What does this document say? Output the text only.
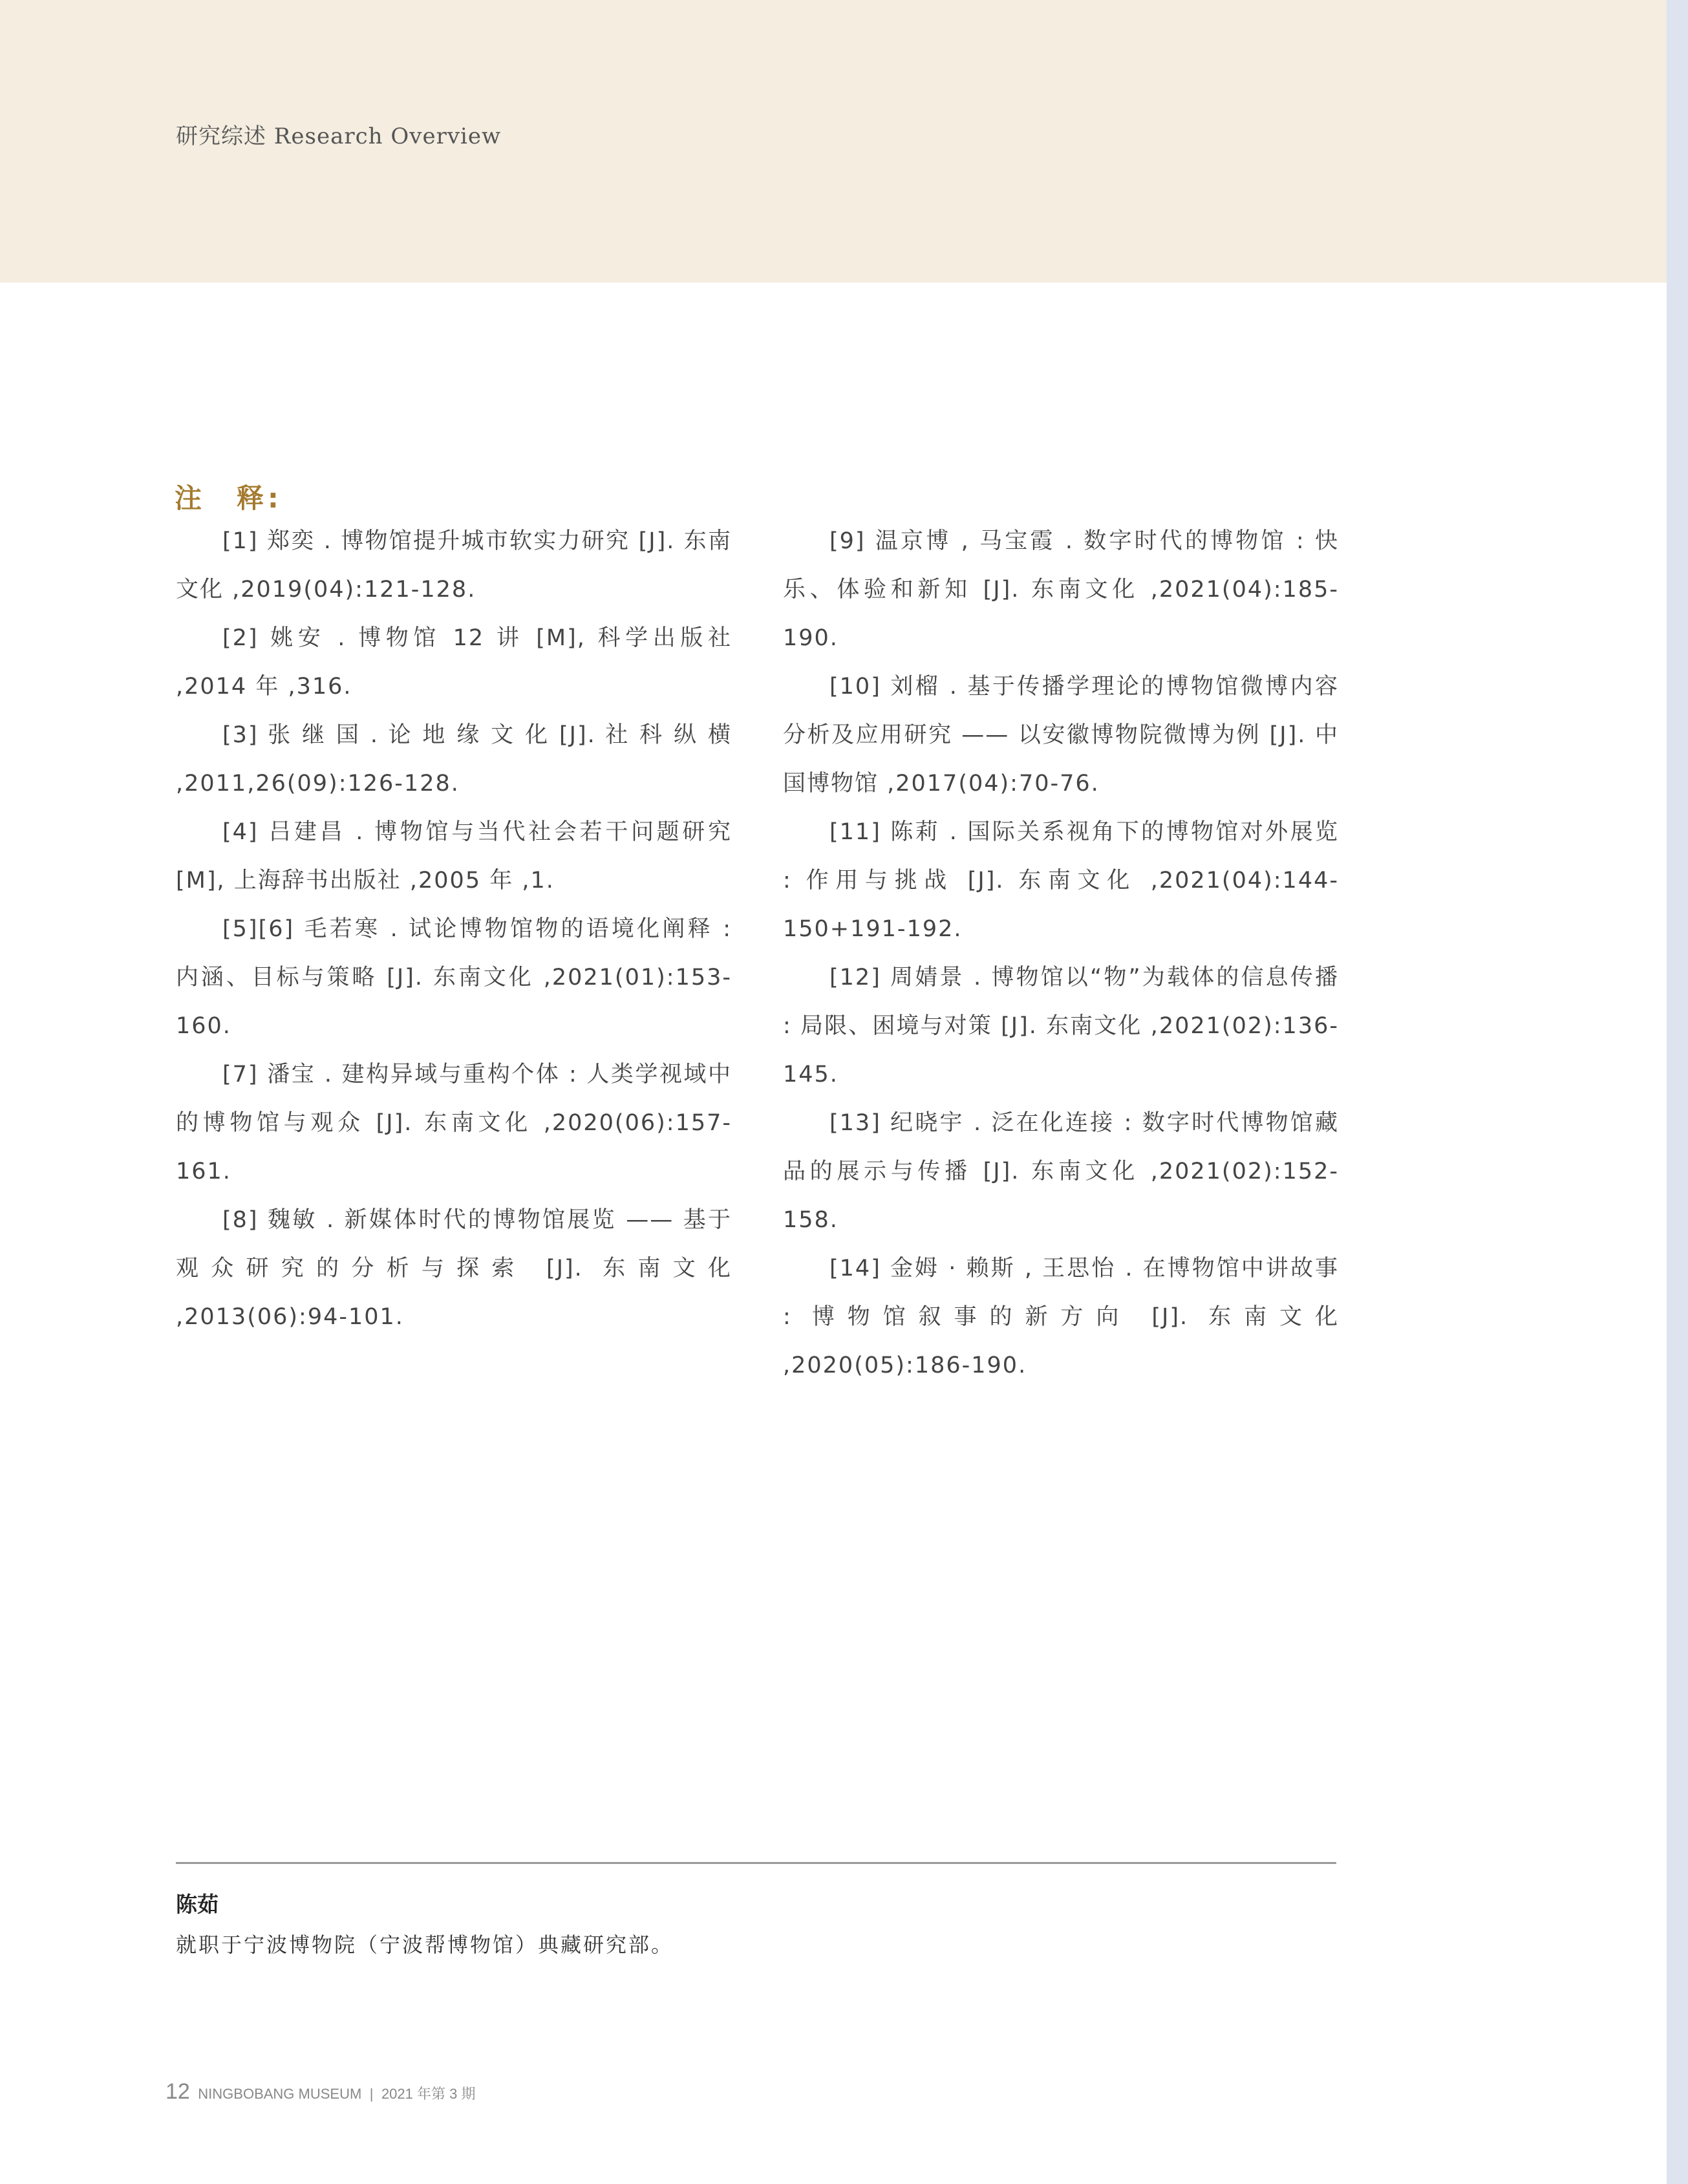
研究综述 Research Overview
注　释:

[1] 郑奕 . 博物馆提升城市软实力研究 [J]. 东南文化 ,2019(04):121-128.

[2] 姚安 . 博物馆 12 讲 [M], 科学出版社 ,2014 年 ,316.

[3] 张 继 国 . 论 地 缘 文 化 [J]. 社 科 纵 横 ,2011,26(09):126-128.

[4] 吕建昌 . 博物馆与当代社会若干问题研究 [M], 上海辞书出版社 ,2005 年 ,1.

[5][6] 毛若寒 . 试论博物馆物的语境化阐释 : 内涵、目标与策略 [J]. 东南文化 ,2021(01):153-160.

[7] 潘宝 . 建构异域与重构个体 : 人类学视域中的博物馆与观众 [J]. 东南文化 ,2020(06):157-161.

[8] 魏敏 . 新媒体时代的博物馆展览 —— 基于观众研究的分析与探索 [J]. 东南文化 ,2013(06):94-101.

[9] 温京博 , 马宝霞 . 数字时代的博物馆 : 快乐、体验和新知 [J]. 东南文化 ,2021(04):185-190.

[10] 刘榴 . 基于传播学理论的博物馆微博内容分析及应用研究 —— 以安徽博物院微博为例 [J]. 中国博物馆 ,2017(04):70-76.

[11] 陈莉 . 国际关系视角下的博物馆对外展览 : 作用与挑战 [J]. 东南文化 ,2021(04):144-150+191-192.

[12] 周婧景 . 博物馆以“物”为载体的信息传播 : 局限、困境与对策 [J]. 东南文化 ,2021(02):136-145.

[13] 纪晓宇 . 泛在化连接 : 数字时代博物馆藏品的展示与传播 [J]. 东南文化 ,2021(02):152-158.

[14] 金姆 · 赖斯 , 王思怡 . 在博物馆中讲故事 : 博物馆叙事的新方向 [J]. 东南文化 ,2020(05):186-190.

陈茹
就职于宁波博物院（宁波帮博物馆）典藏研究部。
12 NINGBOBANG MUSEUM | 2021 年第 3 期
